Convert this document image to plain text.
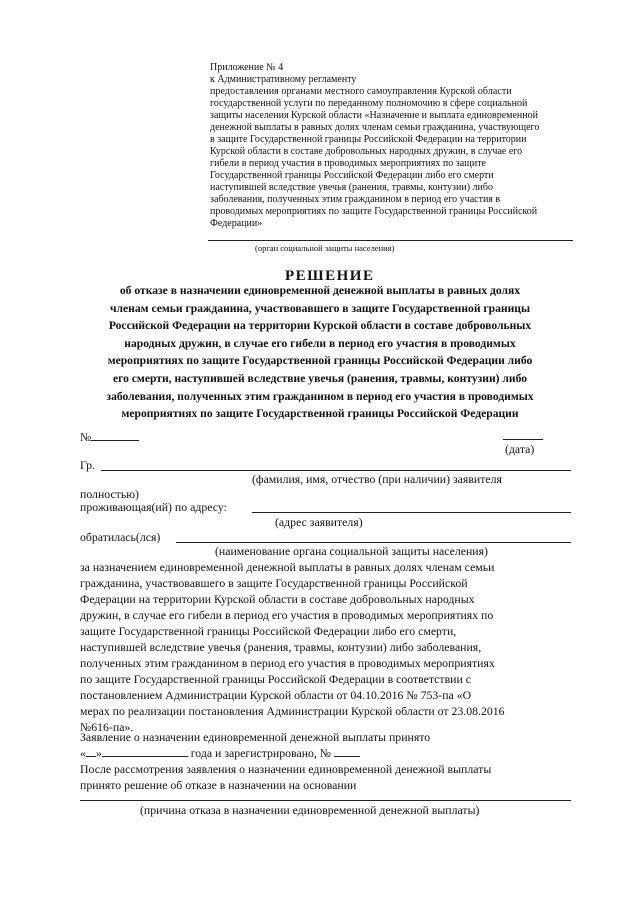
Приложение № 4
к Административному регламенту
предоставления органами местного самоуправления Курской области
государственной услуги по переданному полномочию в сфере социальной
защиты населения Курской области «Назначение и выплата единовременной
денежной выплаты в равных долях членам семьи гражданина, участвующего
в защите Государственной границы Российской Федерации на территории
Курской области в составе добровольных народных дружин, в случае его
гибели в период участия в проводимых мероприятиях по защите
Государственной границы Российской Федерации либо его смерти
наступившей вследствие увечья (ранения, травмы, контузии) либо
заболевания, полученных этим гражданином в период его участия в
проводимых мероприятиях по защите Государственной границы Российской
Федерации»
(орган социальной защиты населения)
РЕШЕНИЕ
об отказе в назначении единовременной денежной выплаты в равных долях
членам семьи гражданина, участвовавшего в защите Государственной границы
Российской Федерации на территории Курской области в составе добровольных
народных дружин, в случае его гибели в период его участия в проводимых
мероприятиях по защите Государственной границы Российской Федерации либо
его смерти, наступившей вследствие увечья (ранения, травмы, контузии) либо
заболевания, полученных этим гражданином в период его участия в проводимых
мероприятиях по защите Государственной границы Российской Федерации
№
(дата)
Гр.
(фамилия, имя, отчество (при наличии) заявителя
полностью)
проживающая(ий) по адресу:
(адрес заявителя)
обратилась(лся)
(наименование органа социальной защиты населения)
за назначением единовременной денежной выплаты в равных долях членам семьи
гражданина, участвовавшего в защите Государственной границы Российской
Федерации на территории Курской области в составе добровольных народных
дружин, в случае его гибели в период его участия в проводимых мероприятиях по
защите Государственной границы Российской Федерации либо его смерти,
наступившей вследствие увечья (ранения, травмы, контузии) либо заболевания,
полученных этим гражданином в период его участия в проводимых мероприятиях
по защите Государственной границы Российской Федерации в соответствии с
постановлением Администрации Курской области от 04.10.2016 № 753-па «О
мерах по реализации постановления Администрации Курской области от 23.08.2016
№616-па».
Заявление о назначении единовременной денежной выплаты принято
« »	года и зарегистрировано, №
После рассмотрения заявления о назначении единовременной денежной выплаты
принято решение об отказе в назначении на основании
(причина отказа в назначении единовременной денежной выплаты)
